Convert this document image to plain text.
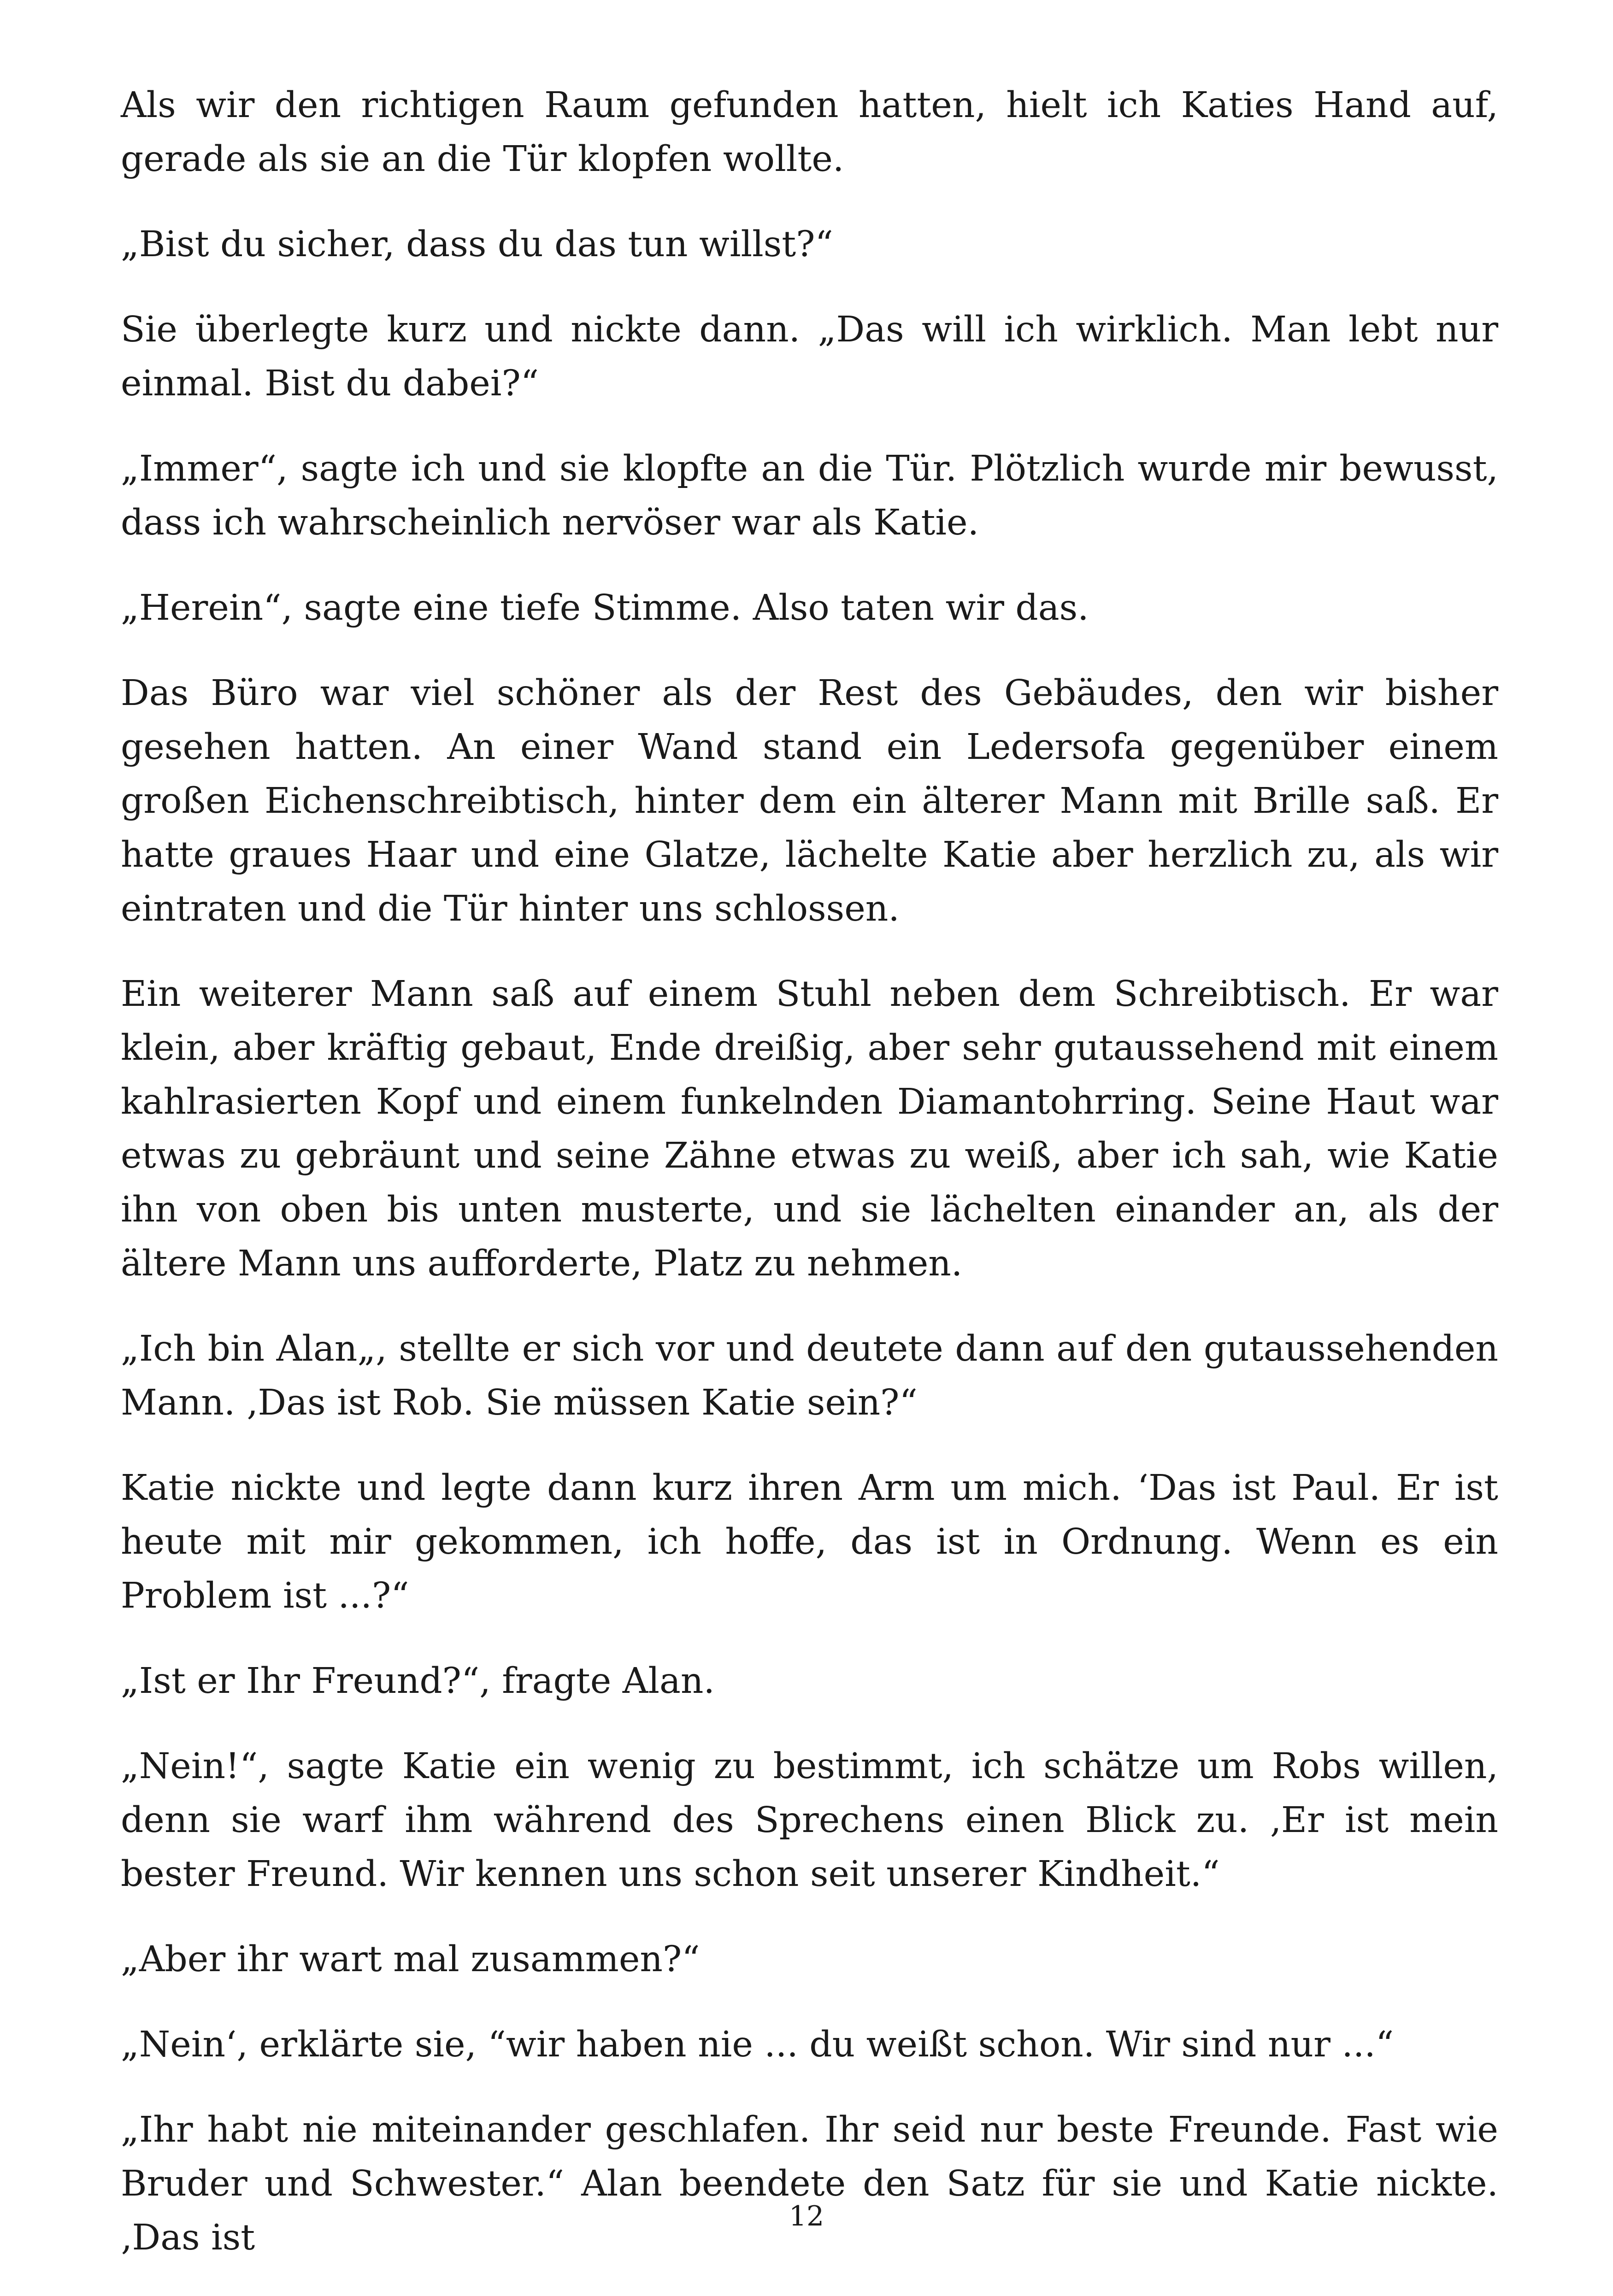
Als wir den richtigen Raum gefunden hatten, hielt ich Katies Hand auf, gerade als sie an die Tür klopfen wollte.

„Bist du sicher, dass du das tun willst?“

Sie überlegte kurz und nickte dann. „Das will ich wirklich. Man lebt nur einmal. Bist du dabei?“

„Immer“, sagte ich und sie klopfte an die Tür. Plötzlich wurde mir bewusst, dass ich wahrscheinlich nervöser war als Katie.

„Herein“, sagte eine tiefe Stimme. Also taten wir das.

Das Büro war viel schöner als der Rest des Gebäudes, den wir bisher gesehen hatten. An einer Wand stand ein Ledersofa gegenüber einem großen Eichenschreibtisch, hinter dem ein älterer Mann mit Brille saß. Er hatte graues Haar und eine Glatze, lächelte Katie aber herzlich zu, als wir eintraten und die Tür hinter uns schlossen.

Ein weiterer Mann saß auf einem Stuhl neben dem Schreibtisch. Er war klein, aber kräftig gebaut, Ende dreißig, aber sehr gutaussehend mit einem kahlrasierten Kopf und einem funkelnden Diamantohrring. Seine Haut war etwas zu gebräunt und seine Zähne etwas zu weiß, aber ich sah, wie Katie ihn von oben bis unten musterte, und sie lächelten einander an, als der ältere Mann uns aufforderte, Platz zu nehmen.

„Ich bin Alan„, stellte er sich vor und deutete dann auf den gutaussehenden Mann. ‚Das ist Rob. Sie müssen Katie sein?“

Katie nickte und legte dann kurz ihren Arm um mich. ‘Das ist Paul. Er ist heute mit mir gekommen, ich hoffe, das ist in Ordnung. Wenn es ein Problem ist ...?“

„Ist er Ihr Freund?“, fragte Alan.

„Nein!“, sagte Katie ein wenig zu bestimmt, ich schätze um Robs willen, denn sie warf ihm während des Sprechens einen Blick zu. ‚Er ist mein bester Freund. Wir kennen uns schon seit unserer Kindheit.“

„Aber ihr wart mal zusammen?“

„Nein‘, erklärte sie, “wir haben nie ... du weißt schon. Wir sind nur ...“

„Ihr habt nie miteinander geschlafen. Ihr seid nur beste Freunde. Fast wie Bruder und Schwester.“ Alan beendete den Satz für sie und Katie nickte. ‚Das ist

12
